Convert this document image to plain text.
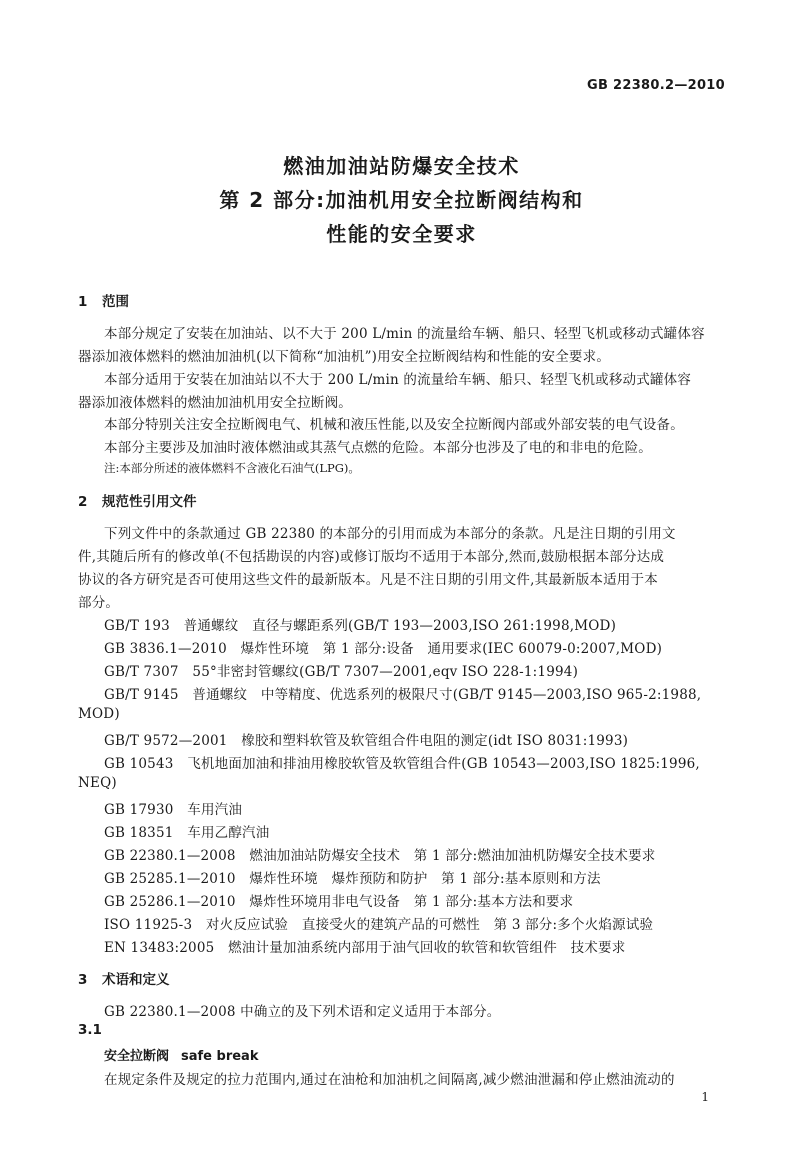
GB 22380.2—2010
燃油加油站防爆安全技术
第 2 部分:加油机用安全拉断阀结构和
性能的安全要求
1 范围
本部分规定了安装在加油站、以不大于 200 L/min 的流量给车辆、船只、轻型飞机或移动式罐体容
器添加液体燃料的燃油加油机(以下简称“加油机”)用安全拉断阀结构和性能的安全要求。
本部分适用于安装在加油站以不大于 200 L/min 的流量给车辆、船只、轻型飞机或移动式罐体容
器添加液体燃料的燃油加油机用安全拉断阀。
本部分特别关注安全拉断阀电气、机械和液压性能,以及安全拉断阀内部或外部安装的电气设备。
本部分主要涉及加油时液体燃油或其蒸气点燃的危险。本部分也涉及了电的和非电的危险。
注:本部分所述的液体燃料不含液化石油气(LPG)。
2 规范性引用文件
下列文件中的条款通过 GB 22380 的本部分的引用而成为本部分的条款。凡是注日期的引用文
件,其随后所有的修改单(不包括勘误的内容)或修订版均不适用于本部分,然而,鼓励根据本部分达成
协议的各方研究是否可使用这些文件的最新版本。凡是不注日期的引用文件,其最新版本适用于本
部分。
GB/T 193　普通螺纹　直径与螺距系列(GB/T 193—2003,ISO 261:1998,MOD)
GB 3836.1—2010　爆炸性环境　第 1 部分:设备　通用要求(IEC 60079-0:2007,MOD)
GB/T 7307　55°非密封管螺纹(GB/T 7307—2001,eqv ISO 228-1:1994)
GB/T 9145　普通螺纹　中等精度、优选系列的极限尺寸(GB/T 9145—2003,ISO 965-2:1988,
MOD)
GB/T 9572—2001　橡胶和塑料软管及软管组合件电阻的测定(idt ISO 8031:1993)
GB 10543　飞机地面加油和排油用橡胶软管及软管组合件(GB 10543—2003,ISO 1825:1996,
NEQ)
GB 17930　车用汽油
GB 18351　车用乙醇汽油
GB 22380.1—2008　燃油加油站防爆安全技术　第 1 部分:燃油加油机防爆安全技术要求
GB 25285.1—2010　爆炸性环境　爆炸预防和防护　第 1 部分:基本原则和方法
GB 25286.1—2010　爆炸性环境用非电气设备　第 1 部分:基本方法和要求
ISO 11925-3　对火反应试验　直接受火的建筑产品的可燃性　第 3 部分:多个火焰源试验
EN 13483:2005　燃油计量加油系统内部用于油气回收的软管和软管组件　技术要求
3 术语和定义
GB 22380.1—2008 中确立的及下列术语和定义适用于本部分。
3.1
安全拉断阀 safe break
在规定条件及规定的拉力范围内,通过在油枪和加油机之间隔离,减少燃油泄漏和停止燃油流动的
1
